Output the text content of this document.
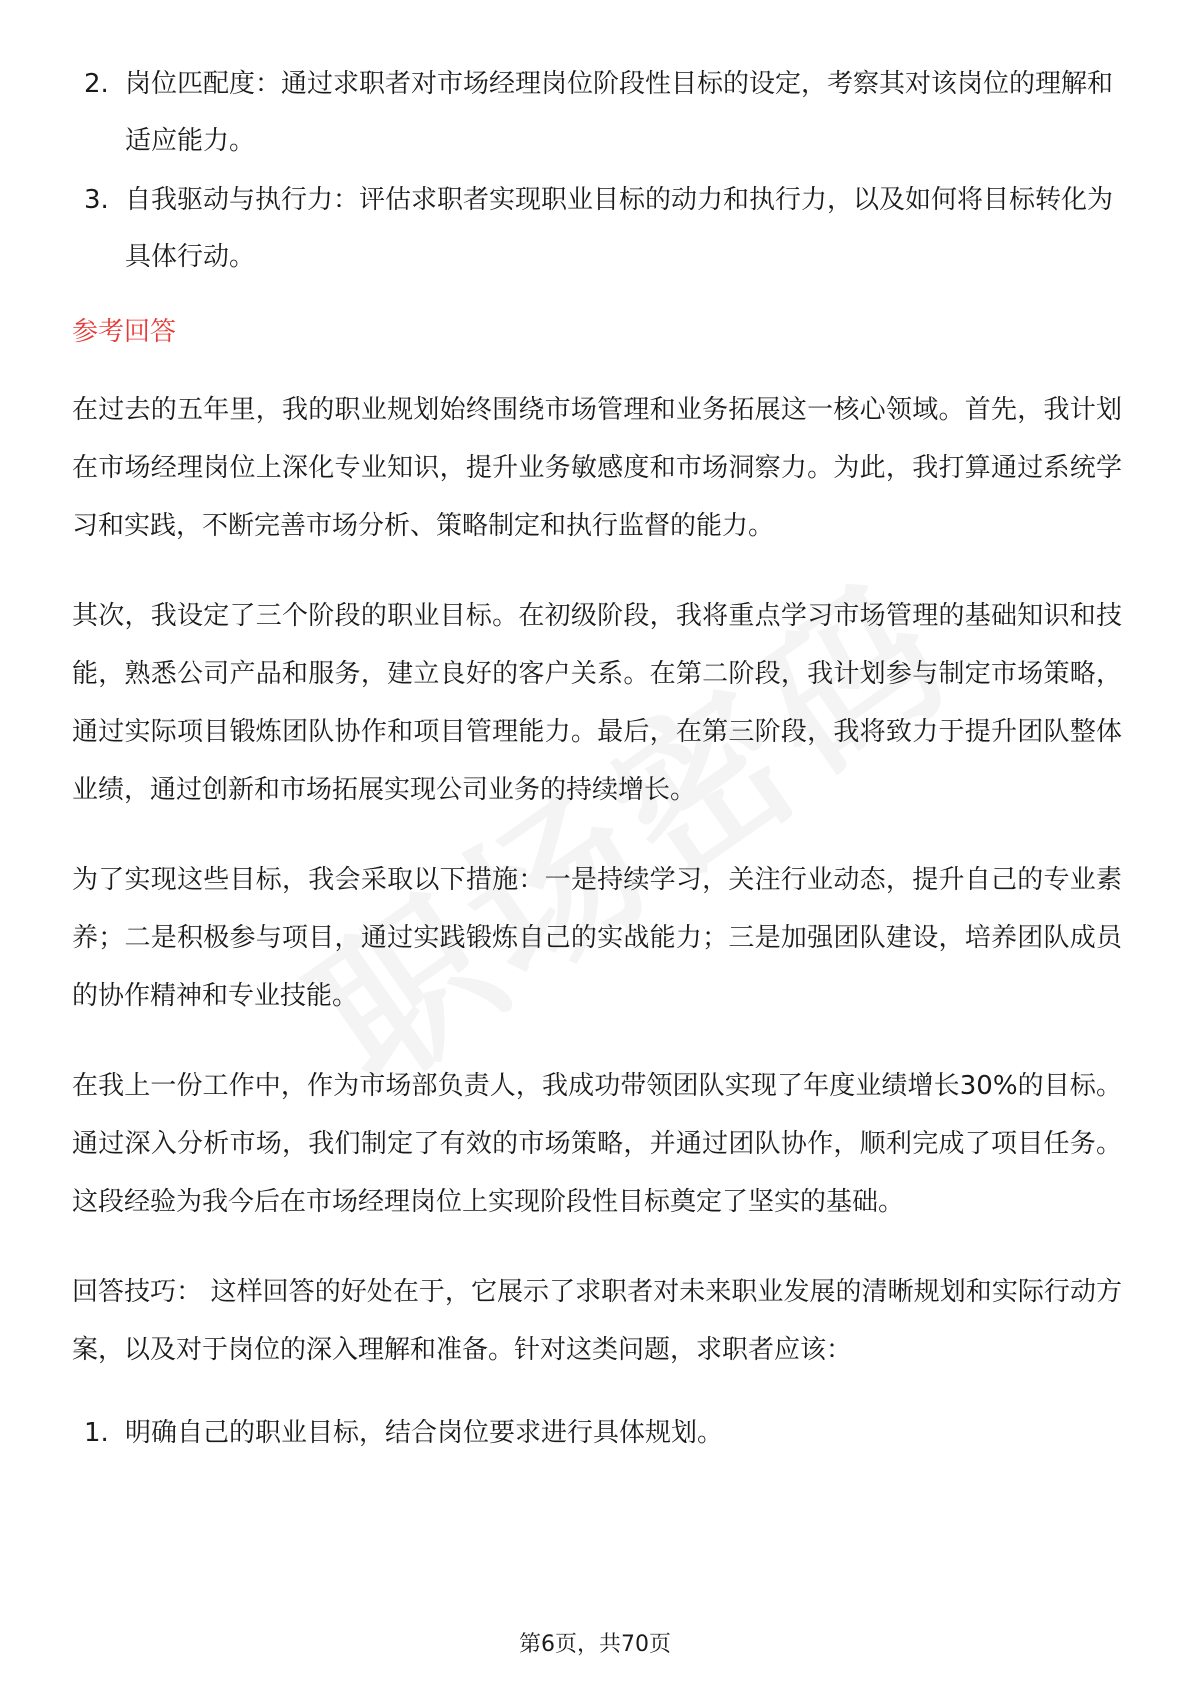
2. 岗位匹配度：通过求职者对市场经理岗位阶段性目标的设定，考察其对该岗位的理解和适应能力。
3. 自我驱动与执行力：评估求职者实现职业目标的动力和执行力，以及如何将目标转化为具体行动。
参考回答

在过去的五年里，我的职业规划始终围绕市场管理和业务拓展这一核心领域。首先，我计划在市场经理岗位上深化专业知识，提升业务敏感度和市场洞察力。为此，我打算通过系统学习和实践，不断完善市场分析、策略制定和执行监督的能力。

其次，我设定了三个阶段的职业目标。在初级阶段，我将重点学习市场管理的基础知识和技能，熟悉公司产品和服务，建立良好的客户关系。在第二阶段，我计划参与制定市场策略，通过实际项目锻炼团队协作和项目管理能力。最后，在第三阶段，我将致力于提升团队整体业绩，通过创新和市场拓展实现公司业务的持续增长。

为了实现这些目标，我会采取以下措施：一是持续学习，关注行业动态，提升自己的专业素养；二是积极参与项目，通过实践锻炼自己的实战能力；三是加强团队建设，培养团队成员的协作精神和专业技能。

在我上一份工作中，作为市场部负责人，我成功带领团队实现了年度业绩增长30%的目标。通过深入分析市场，我们制定了有效的市场策略，并通过团队协作，顺利完成了项目任务。这段经验为我今后在市场经理岗位上实现阶段性目标奠定了坚实的基础。

回答技巧： 这样回答的好处在于，它展示了求职者对未来职业发展的清晰规划和实际行动方案，以及对于岗位的深入理解和准备。针对这类问题，求职者应该：

1. 明确自己的职业目标，结合岗位要求进行具体规划。
第6页，共70页
